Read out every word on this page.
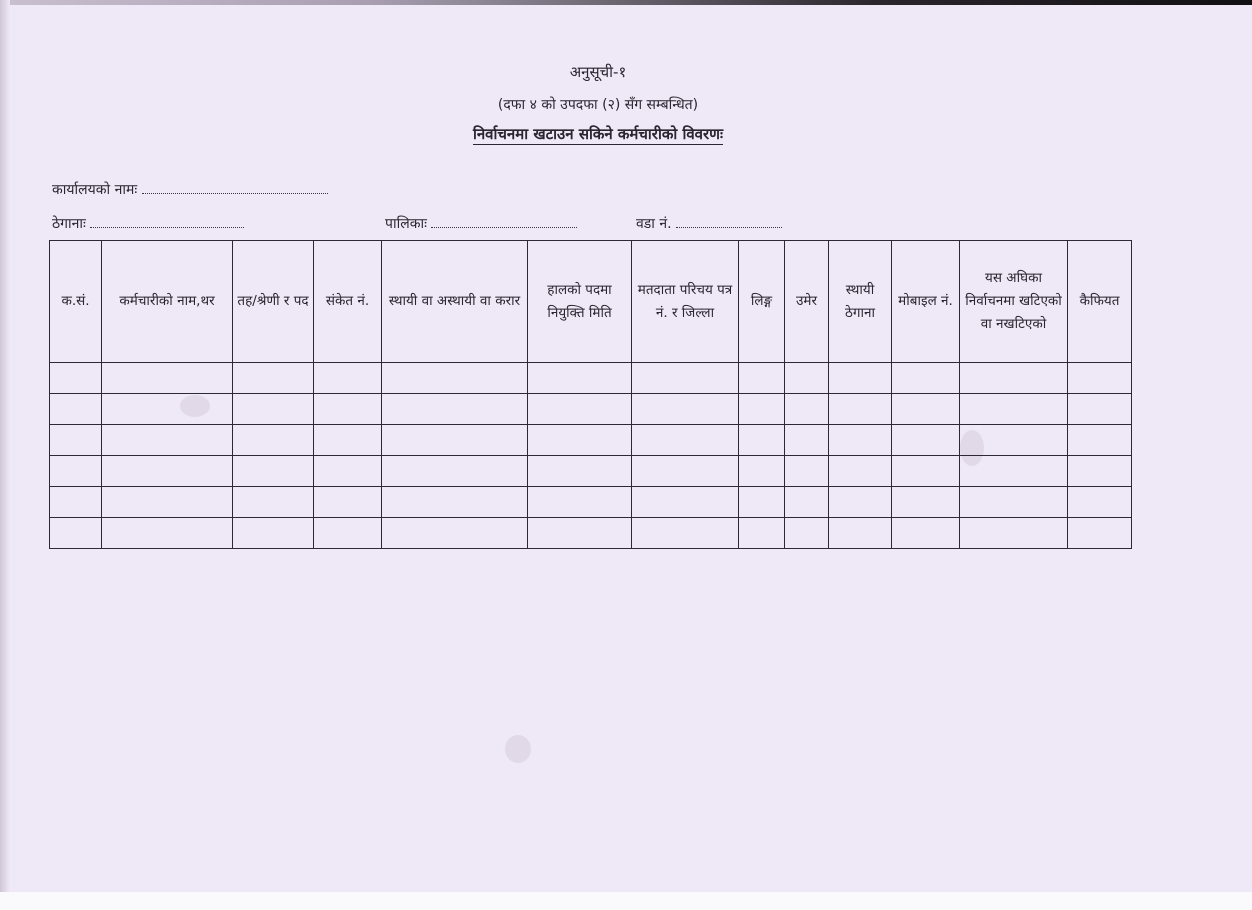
अनुसूची-१
(दफा ४ को उपदफा (२) सँग सम्बन्धित)
निर्वाचनमा खटाउन सकिने कर्मचारीको विवरणः
कार्यालयको नामः
ठेगानाः	पालिकाः	वडा नं.
क.सं.	कर्मचारीको नाम,थर	तह/श्रेणी र पद	संकेत नं.	स्थायी वा अस्थायी वा करार	हालको पदमा नियुक्ति मिति	मतदाता परिचय पत्र नं. र जिल्ला	लिङ्ग	उमेर	स्थायी ठेगाना	मोबाइल नं.	यस अघिका निर्वाचनमा खटिएको वा नखटिएको	कैफियत
